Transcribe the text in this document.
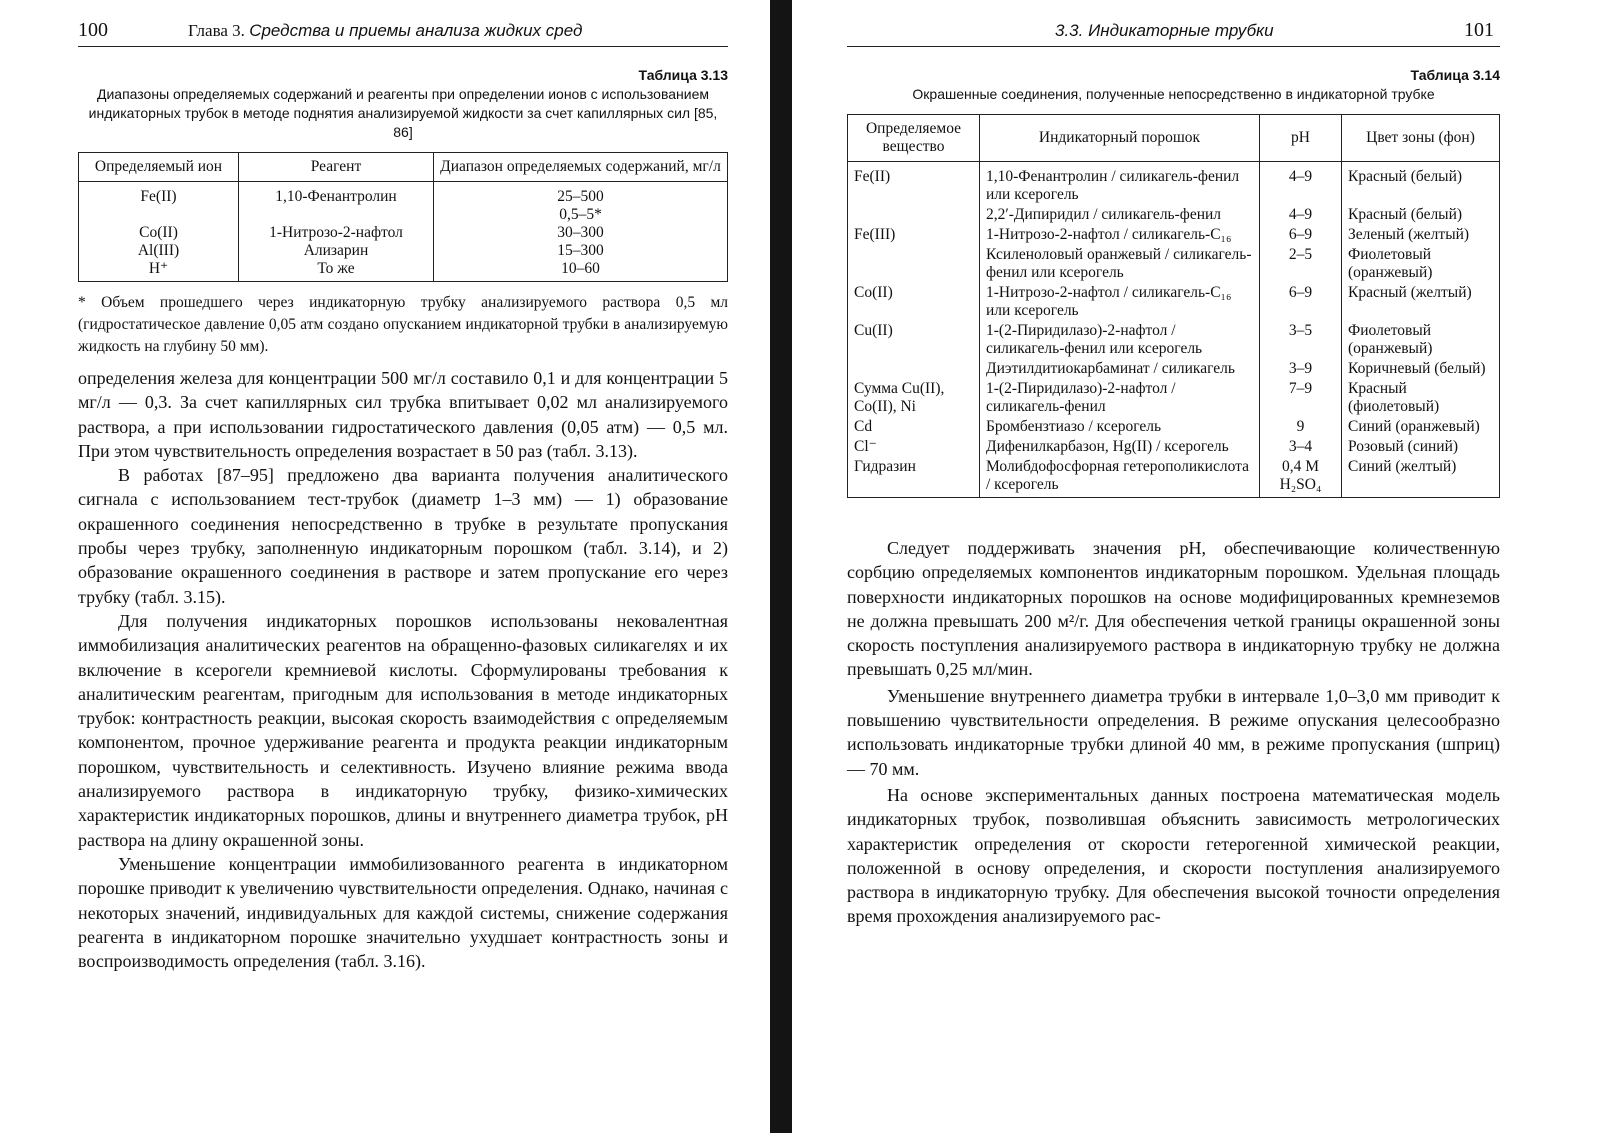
100	Глава 3. Средства и приемы анализа жидких сред
Таблица 3.13
Диапазоны определяемых содержаний и реагенты при определении ионов с использованием индикаторных трубок в методе поднятия анализируемой жидкости за счет капиллярных сил [85, 86]
Определяемый ион	Реагент	Диапазон определяемых содержаний, мг/л
Fe(II)	1,10-Фенантролин	25–500
		0,5–5*
Co(II)	1-Нитрозо-2-нафтол	30–300
Al(III)	Ализарин	15–300
H⁺	То же	10–60

* Объем прошедшего через индикаторную трубку анализируемого раствора 0,5 мл (гидростатическое давление 0,05 атм создано опусканием индикаторной трубки в анализируемую жидкость на глубину 50 мм).

определения железа для концентрации 500 мг/л составило 0,1 и для концентрации 5 мг/л — 0,3. За счет капиллярных сил трубка впитывает 0,02 мл анализируемого раствора, а при использовании гидростатического давления (0,05 атм) — 0,5 мл. При этом чувствительность определения возрастает в 50 раз (табл. 3.13).

В работах [87–95] предложено два варианта получения аналитического сигнала с использованием тест-трубок (диаметр 1–3 мм) — 1) образование окрашенного соединения непосредственно в трубке в результате пропускания пробы через трубку, заполненную индикаторным порошком (табл. 3.14), и 2) образование окрашенного соединения в растворе и затем пропускание его через трубку (табл. 3.15).

Для получения индикаторных порошков использованы нековалентная иммобилизация аналитических реагентов на обращенно-фазовых силикагелях и их включение в ксерогели кремниевой кислоты. Сформулированы требования к аналитическим реагентам, пригодным для использования в методе индикаторных трубок: контрастность реакции, высокая скорость взаимодействия с определяемым компонентом, прочное удерживание реагента и продукта реакции индикаторным порошком, чувствительность и селективность. Изучено влияние режима ввода анализируемого раствора в индикаторную трубку, физико-химических характеристик индикаторных порошков, длины и внутреннего диаметра трубок, pH раствора на длину окрашенной зоны.

Уменьшение концентрации иммобилизованного реагента в индикаторном порошке приводит к увеличению чувствительности определения. Однако, начиная с некоторых значений, индивидуальных для каждой системы, снижение содержания реагента в индикаторном порошке значительно ухудшает контрастность зоны и воспроизводимость определения (табл. 3.16).

3.3. Индикаторные трубки	101
Таблица 3.14
Окрашенные соединения, полученные непосредственно в индикаторной трубке
Определяемое вещество	Индикаторный порошок	pH	Цвет зоны (фон)
Fe(II)	1,10-Фенантролин / силикагель-фенил или ксерогель	4–9	Красный (белый)
	2,2′-Дипиридил / силикагель-фенил	4–9	Красный (белый)
Fe(III)	1-Нитрозо-2-нафтол / силикагель-C₁₆	6–9	Зеленый (желтый)
	Ксиленоловый оранжевый / силикагель-фенил или ксерогель	2–5	Фиолетовый (оранжевый)
Co(II)	1-Нитрозо-2-нафтол / силикагель-C₁₆ или ксерогель	6–9	Красный (желтый)
Cu(II)	1-(2-Пиридилазо)-2-нафтол / силикагель-фенил или ксерогель	3–5	Фиолетовый (оранжевый)
	Диэтилдитиокарбаминат / силикагель	3–9	Коричневый (белый)
Сумма Cu(II), Co(II), Ni	1-(2-Пиридилазо)-2-нафтол / силикагель-фенил	7–9	Красный (фиолетовый)
Cd	Бромбензтиазо / ксерогель	9	Синий (оранжевый)
Cl⁻	Дифенилкарбазон, Hg(II) / ксерогель	3–4	Розовый (синий)
Гидразин	Молибдофосфорная гетерополикислота / ксерогель	0,4 M H₂SO₄	Синий (желтый)

Следует поддерживать значения pH, обеспечивающие количественную сорбцию определяемых компонентов индикаторным порошком. Удельная площадь поверхности индикаторных порошков на основе модифицированных кремнеземов не должна превышать 200 м²/г. Для обеспечения четкой границы окрашенной зоны скорость поступления анализируемого раствора в индикаторную трубку не должна превышать 0,25 мл/мин.

Уменьшение внутреннего диаметра трубки в интервале 1,0–3,0 мм приводит к повышению чувствительности определения. В режиме опускания целесообразно использовать индикаторные трубки длиной 40 мм, в режиме пропускания (шприц) — 70 мм.

На основе экспериментальных данных построена математическая модель индикаторных трубок, позволившая объяснить зависимость метрологических характеристик определения от скорости гетерогенной химической реакции, положенной в основу определения, и скорости поступления анализируемого раствора в индикаторную трубку. Для обеспечения высокой точности определения время прохождения анализируемого рас-
